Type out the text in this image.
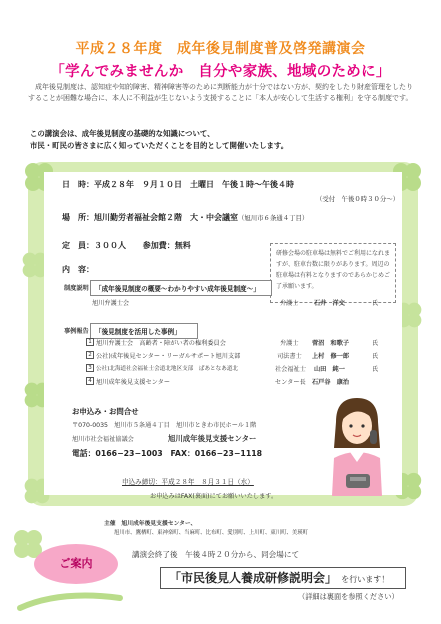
平成２８年度　成年後見制度普及啓発講演会
「学んでみませんか　自分や家族、地域のために」
成年後見制度は、認知症や知的障害、精神障害等のために判断能力が十分ではない方が、契約をしたり財産管理をしたりすることが困難な場合に、本人に不利益が生じないよう支援することに「本人が安心して生活する権利」を守る制度です。
この講演会は、成年後見制度の基礎的な知識について、
市民・町民の皆さまに広く知っていただくことを目的として開催いたします。
日　時：平成２８年　９月１０日　土曜日　午後１時〜午後４時
（受付　午後０時３０分〜）
場　所：旭川勤労者福祉会館２階　大・中会議室（旭川市６条通４丁目）
定　員：３００人 参加費：無料
研修会場の駐車場は無料でご利用になれますが、駐車台数に限りがあります。周辺の駐車場は有料となりますのであらかじめご了承願います。
内　容：
制度説明 「成年後見制度の概要〜わかりやすい成年後見制度〜」
旭川弁護士会	弁護士 石井　洋文	氏
事例報告 「後見制度を活用した事例」
1 旭川弁護士会　高齢者・障がい者の権利委員会	弁護士 菅沼　和歌子	氏
2 公社)成年後見センター・リーガルサポート旭川支部	司法書士 上村　修一郎	氏
3 公社)北海道社会福祉士会道北地区支部　ぱあとなあ道北	社会福祉士 山田　純一	氏
4 旭川成年後見支援センター	センター長 石戸谷　康治
お申込み・お問合せ
〒070-0035　旭川市５条通４丁目　旭川市ときわ市民ホール１階
旭川市社会福祉協議会	旭川成年後見支援センター
電話：0166−23−1003　FAX：0166−23−1118
申込み締切：平成２８年　８月３１日（水）
お申込みはFAX(裏面)にてお願いいたします。
主催　旭川成年後見支援センター、
旭川市、鷹栖町、東神楽町、当麻町、比布町、愛別町、上川町、東川町、美瑛町
ご案内
講演会終了後　午後４時２０分から、同会場にて
「市民後見人養成研修説明会」 を行います！
（詳細は裏面を参照ください）
